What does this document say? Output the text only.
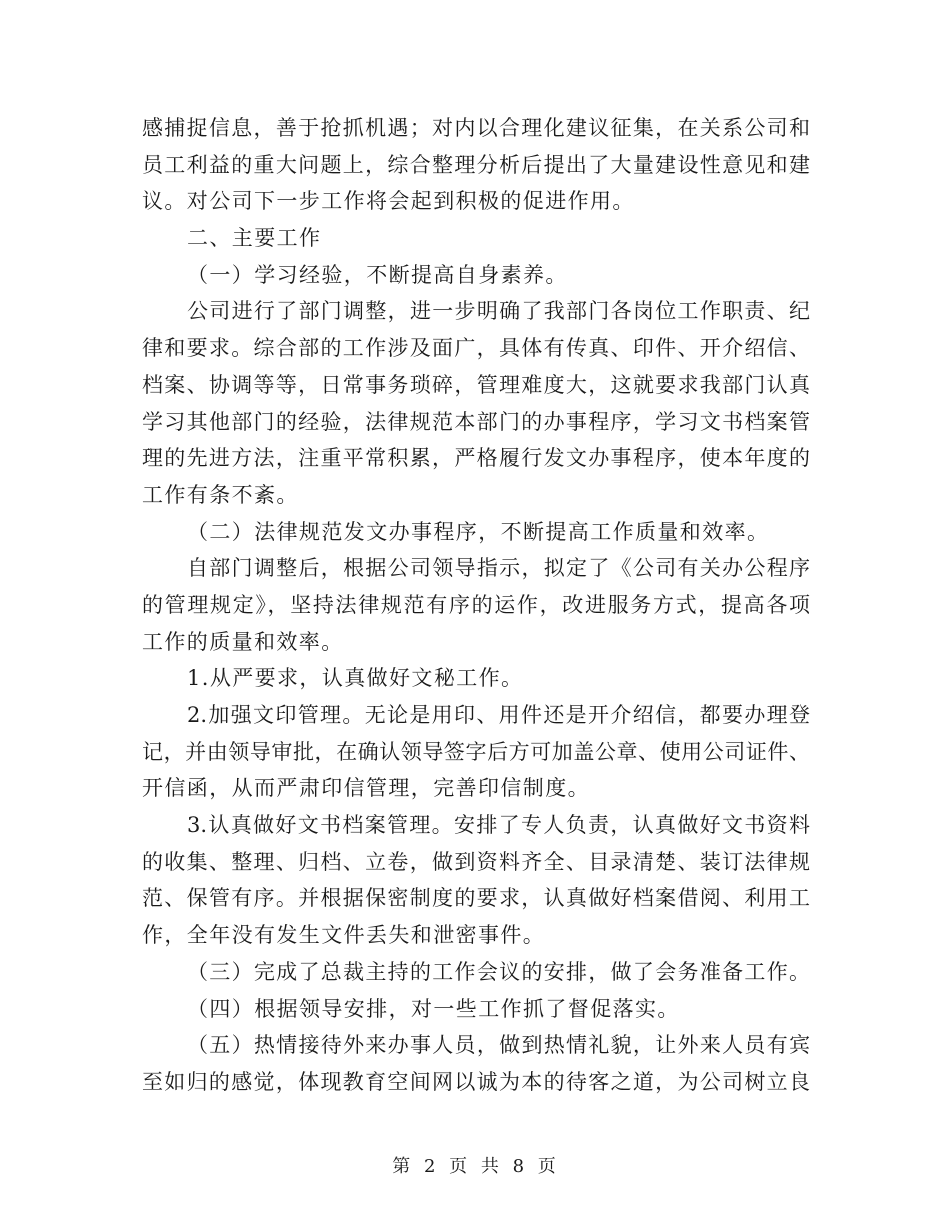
感捕捉信息，善于抢抓机遇；对内以合理化建议征集，在关系公司和
员工利益的重大问题上，综合整理分析后提出了大量建设性意见和建
议。对公司下一步工作将会起到积极的促进作用。
二、主要工作
（一）学习经验，不断提高自身素养。
公司进行了部门调整，进一步明确了我部门各岗位工作职责、纪
律和要求。综合部的工作涉及面广，具体有传真、印件、开介绍信、
档案、协调等等，日常事务琐碎，管理难度大，这就要求我部门认真
学习其他部门的经验，法律规范本部门的办事程序，学习文书档案管
理的先进方法，注重平常积累，严格履行发文办事程序，使本年度的
工作有条不紊。
（二）法律规范发文办事程序，不断提高工作质量和效率。
自部门调整后，根据公司领导指示，拟定了《公司有关办公程序
的管理规定》，坚持法律规范有序的运作，改进服务方式，提高各项
工作的质量和效率。
1.从严要求，认真做好文秘工作。
2.加强文印管理。无论是用印、用件还是开介绍信，都要办理登
记，并由领导审批，在确认领导签字后方可加盖公章、使用公司证件、
开信函，从而严肃印信管理，完善印信制度。
3.认真做好文书档案管理。安排了专人负责，认真做好文书资料
的收集、整理、归档、立卷，做到资料齐全、目录清楚、装订法律规
范、保管有序。并根据保密制度的要求，认真做好档案借阅、利用工
作，全年没有发生文件丢失和泄密事件。
（三）完成了总裁主持的工作会议的安排，做了会务准备工作。
（四）根据领导安排，对一些工作抓了督促落实。
（五）热情接待外来办事人员，做到热情礼貌，让外来人员有宾
至如归的感觉，体现教育空间网以诚为本的待客之道，为公司树立良
第 2 页 共 8 页
